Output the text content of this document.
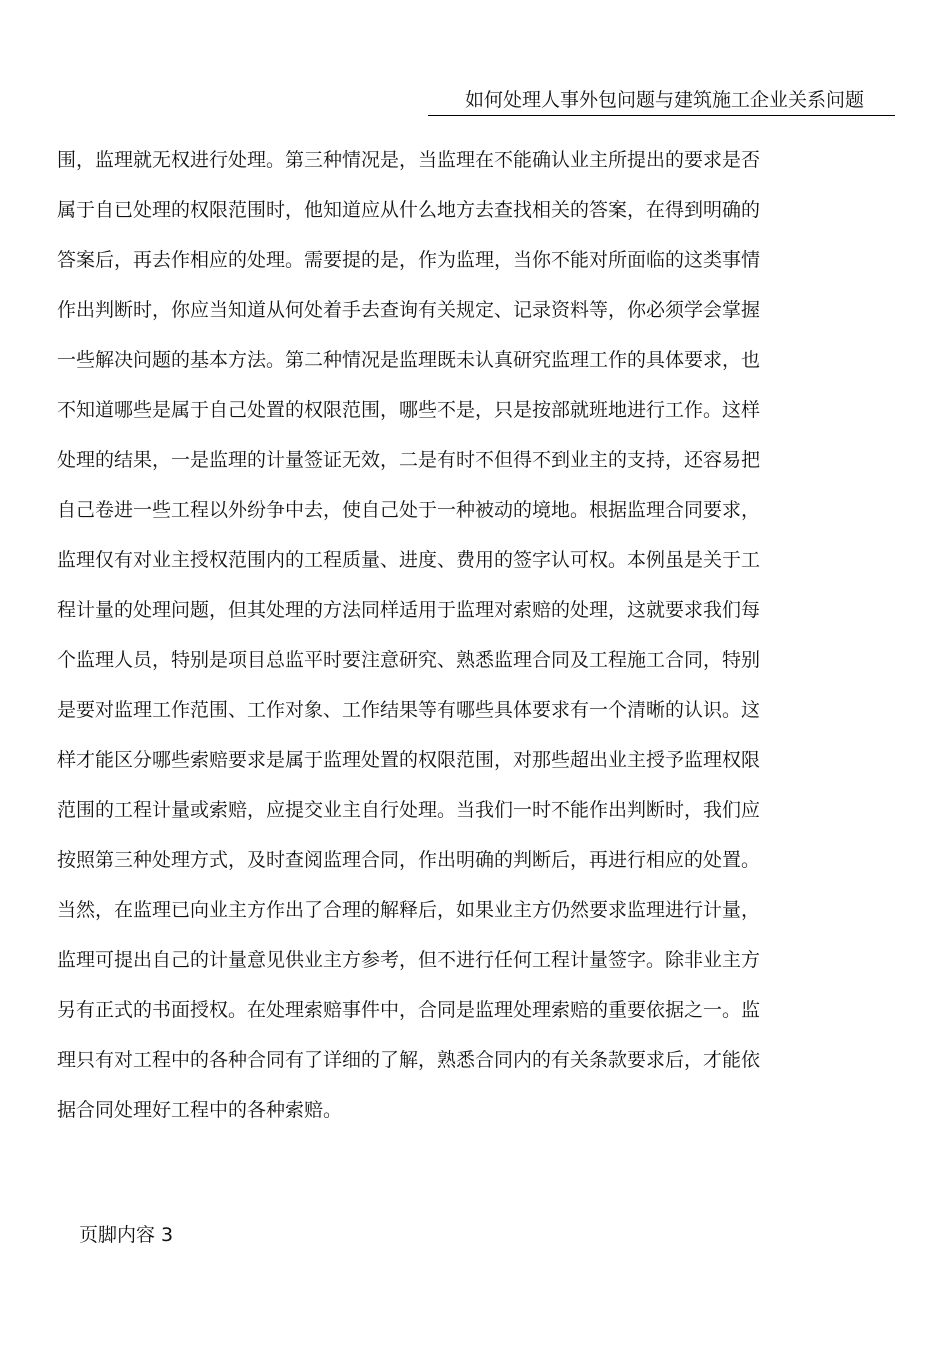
如何处理人事外包问题与建筑施工企业关系问题
围，监理就无权进行处理。第三种情况是，当监理在不能确认业主所提出的要求是否
属于自已处理的权限范围时，他知道应从什么地方去查找相关的答案，在得到明确的
答案后，再去作相应的处理。需要提的是，作为监理，当你不能对所面临的这类事情
作出判断时，你应当知道从何处着手去查询有关规定、记录资料等，你必须学会掌握
一些解决问题的基本方法。第二种情况是监理既未认真研究监理工作的具体要求，也
不知道哪些是属于自己处置的权限范围，哪些不是，只是按部就班地进行工作。这样
处理的结果，一是监理的计量签证无效，二是有时不但得不到业主的支持，还容易把
自己卷进一些工程以外纷争中去，使自己处于一种被动的境地。根据监理合同要求，
监理仅有对业主授权范围内的工程质量、进度、费用的签字认可权。本例虽是关于工
程计量的处理问题，但其处理的方法同样适用于监理对索赔的处理，这就要求我们每
个监理人员，特别是项目总监平时要注意研究、熟悉监理合同及工程施工合同，特别
是要对监理工作范围、工作对象、工作结果等有哪些具体要求有一个清晰的认识。这
样才能区分哪些索赔要求是属于监理处置的权限范围，对那些超出业主授予监理权限
范围的工程计量或索赔，应提交业主自行处理。当我们一时不能作出判断时，我们应
按照第三种处理方式，及时查阅监理合同，作出明确的判断后，再进行相应的处置。
当然，在监理已向业主方作出了合理的解释后，如果业主方仍然要求监理进行计量，
监理可提出自己的计量意见供业主方参考，但不进行任何工程计量签字。除非业主方
另有正式的书面授权。在处理索赔事件中，合同是监理处理索赔的重要依据之一。监
理只有对工程中的各种合同有了详细的了解，熟悉合同内的有关条款要求后，才能依
据合同处理好工程中的各种索赔。
页脚内容 3
